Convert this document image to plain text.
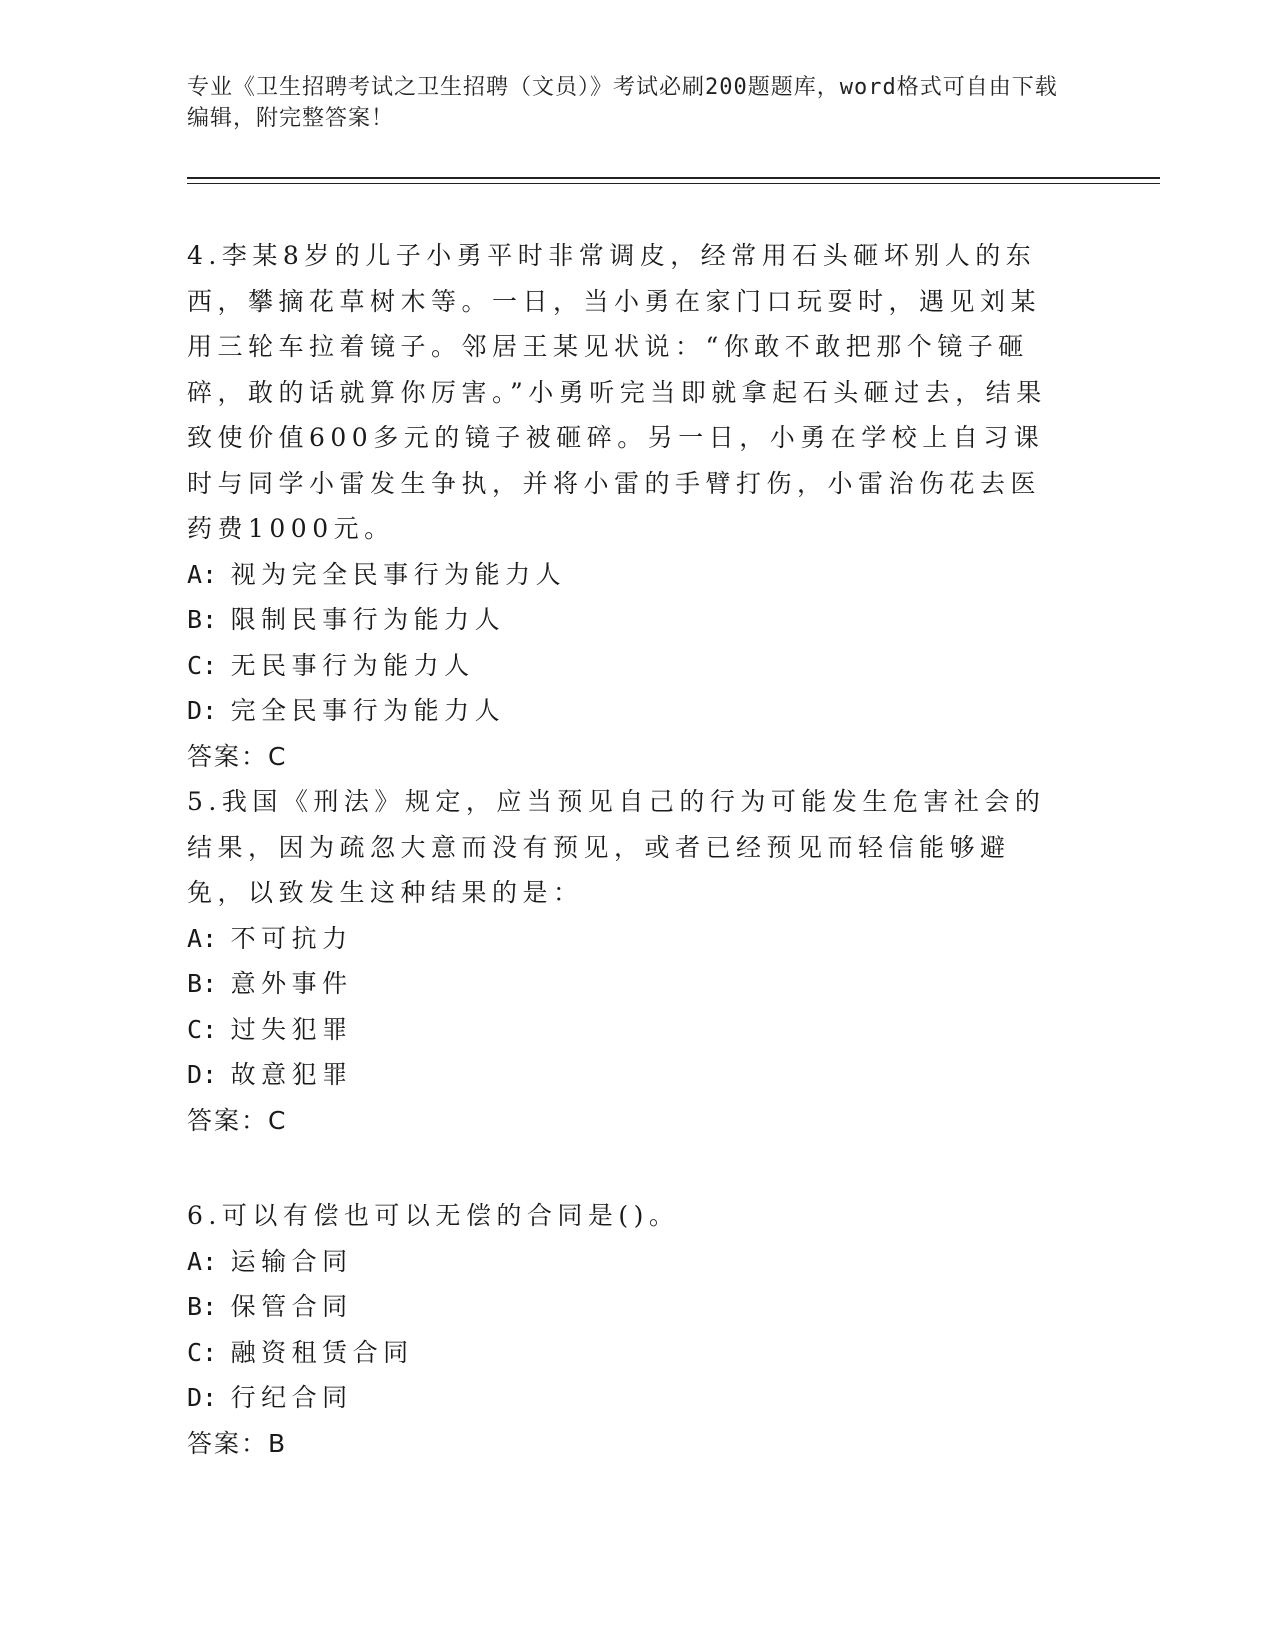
专业《卫生招聘考试之卫生招聘（文员）》考试必刷200题题库，word格式可自由下载编辑，附完整答案！

4.李某8岁的儿子小勇平时非常调皮，经常用石头砸坏别人的东西，攀摘花草树木等。一日，当小勇在家门口玩耍时，遇见刘某用三轮车拉着镜子。邻居王某见状说：“你敢不敢把那个镜子砸碎，敢的话就算你厉害。”小勇听完当即就拿起石头砸过去，结果致使价值600多元的镜子被砸碎。另一日，小勇在学校上自习课时与同学小雷发生争执，并将小雷的手臂打伤，小雷治伤花去医药费1000元。

A: 视为完全民事行为能力人

B: 限制民事行为能力人

C: 无民事行为能力人

D: 完全民事行为能力人

答案：C

5.我国《刑法》规定，应当预见自己的行为可能发生危害社会的结果，因为疏忽大意而没有预见，或者已经预见而轻信能够避免，以致发生这种结果的是：

A: 不可抗力

B: 意外事件

C: 过失犯罪

D: 故意犯罪

答案：C

6.可以有偿也可以无偿的合同是()。

A: 运输合同

B: 保管合同

C: 融资租赁合同

D: 行纪合同

答案：B
